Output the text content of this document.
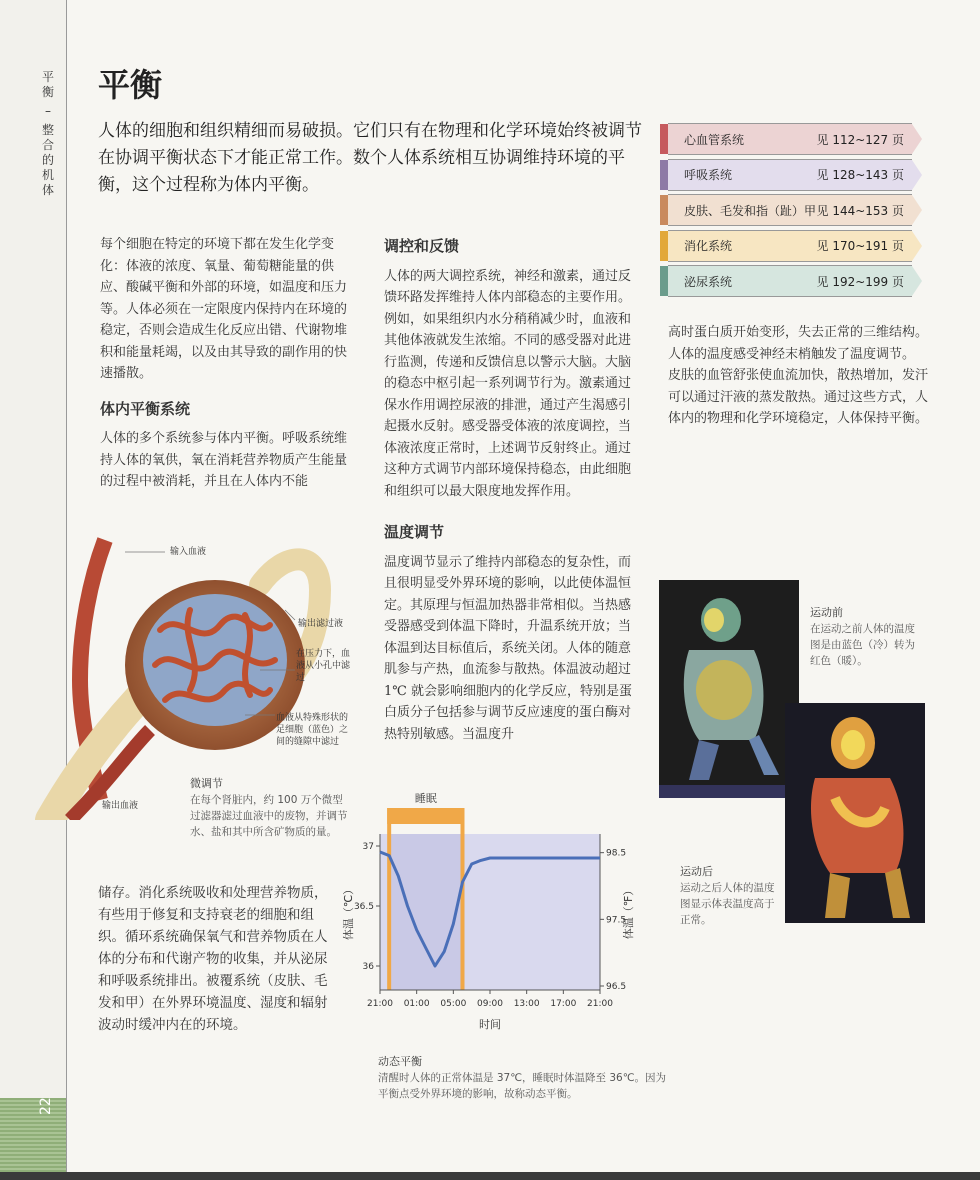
平
衡
–
整
合
的
机
体
22
平衡
人体的细胞和组织精细而易破损。它们只有在物理和化学环境始终被调节在协调平衡状态下才能正常工作。数个人体系统相互协调维持环境的平衡，这个过程称为体内平衡。
心血管系统	见 112~127 页
呼吸系统	见 128~143 页
皮肤、毛发和指（趾）甲 见 144~153 页
消化系统	见 170~191 页
泌尿系统	见 192~199 页

每个细胞在特定的环境下都在发生化学变化：体液的浓度、氧量、葡萄糖能量的供应、酸碱平衡和外部的环境，如温度和压力等。人体必须在一定限度内保持内在环境的稳定，否则会造成生化反应出错、代谢物堆积和能量耗竭，以及由其导致的副作用的快速播散。

体内平衡系统

人体的多个系统参与体内平衡。呼吸系统维持人体的氧供，氧在消耗营养物质产生能量的过程中被消耗，并且在人体内不能

储存。消化系统吸收和处理营养物质，有些用于修复和支持衰老的细胞和组织。循环系统确保氧气和营养物质在人体的分布和代谢产物的收集，并从泌尿和呼吸系统排出。被覆系统（皮肤、毛发和甲）在外界环境温度、湿度和辐射波动时缓冲内在的环境。

调控和反馈

人体的两大调控系统，神经和激素，通过反馈环路发挥维持人体内部稳态的主要作用。例如，如果组织内水分稍稍减少时，血液和其他体液就发生浓缩。不同的感受器对此进行监测，传递和反馈信息以警示大脑。大脑的稳态中枢引起一系列调节行为。激素通过保水作用调控尿液的排泄，通过产生渴感引起摄水反射。感受器受体液的浓度调控，当体液浓度正常时，上述调节反射终止。通过这种方式调节内部环境保持稳态，由此细胞和组织可以最大限度地发挥作用。

温度调节

温度调节显示了维持内部稳态的复杂性，而且很明显受外界环境的影响，以此使体温恒定。其原理与恒温加热器非常相似。当热感受器感受到体温下降时，升温系统开放；当体温到达目标值后，系统关闭。人体的随意肌参与产热，血流参与散热。体温波动超过 1℃ 就会影响细胞内的化学反应，特别是蛋白质分子包括参与调节反应速度的蛋白酶对热特别敏感。当温度升

高时蛋白质开始变形，失去正常的三维结构。人体的温度感受神经末梢触发了温度调节。

皮肤的血管舒张使血流加快，散热增加，发汗可以通过汗液的蒸发散热。通过这些方式，人体内的物理和化学环境稳定，人体保持平衡。

输入血液
输出滤过液
在压力下，血液从小孔中滤过
血液从特殊形状的足细胞（蓝色）之间的缝隙中滤过
输出血液
微调节
在每个肾脏内，约 100 万个微型过滤器滤过血液中的废物，并调节水、盐和其中所含矿物质的量。
运动前
在运动之前人体的温度图是由蓝色（冷）转为红色（暖）。
运动后
运动之后人体的温度图显示体表温度高于正常。
睡眠
36
36.5
37
96.5
97.5
98.5
21:00 01:00 05:00 09:00 13:00 17:00 21:00
时间
体温（℃）	体温（℉）
动态平衡
清醒时人体的正常体温是 37℃，睡眠时体温降至 36℃。因为平衡点受外界环境的影响，故称动态平衡。
